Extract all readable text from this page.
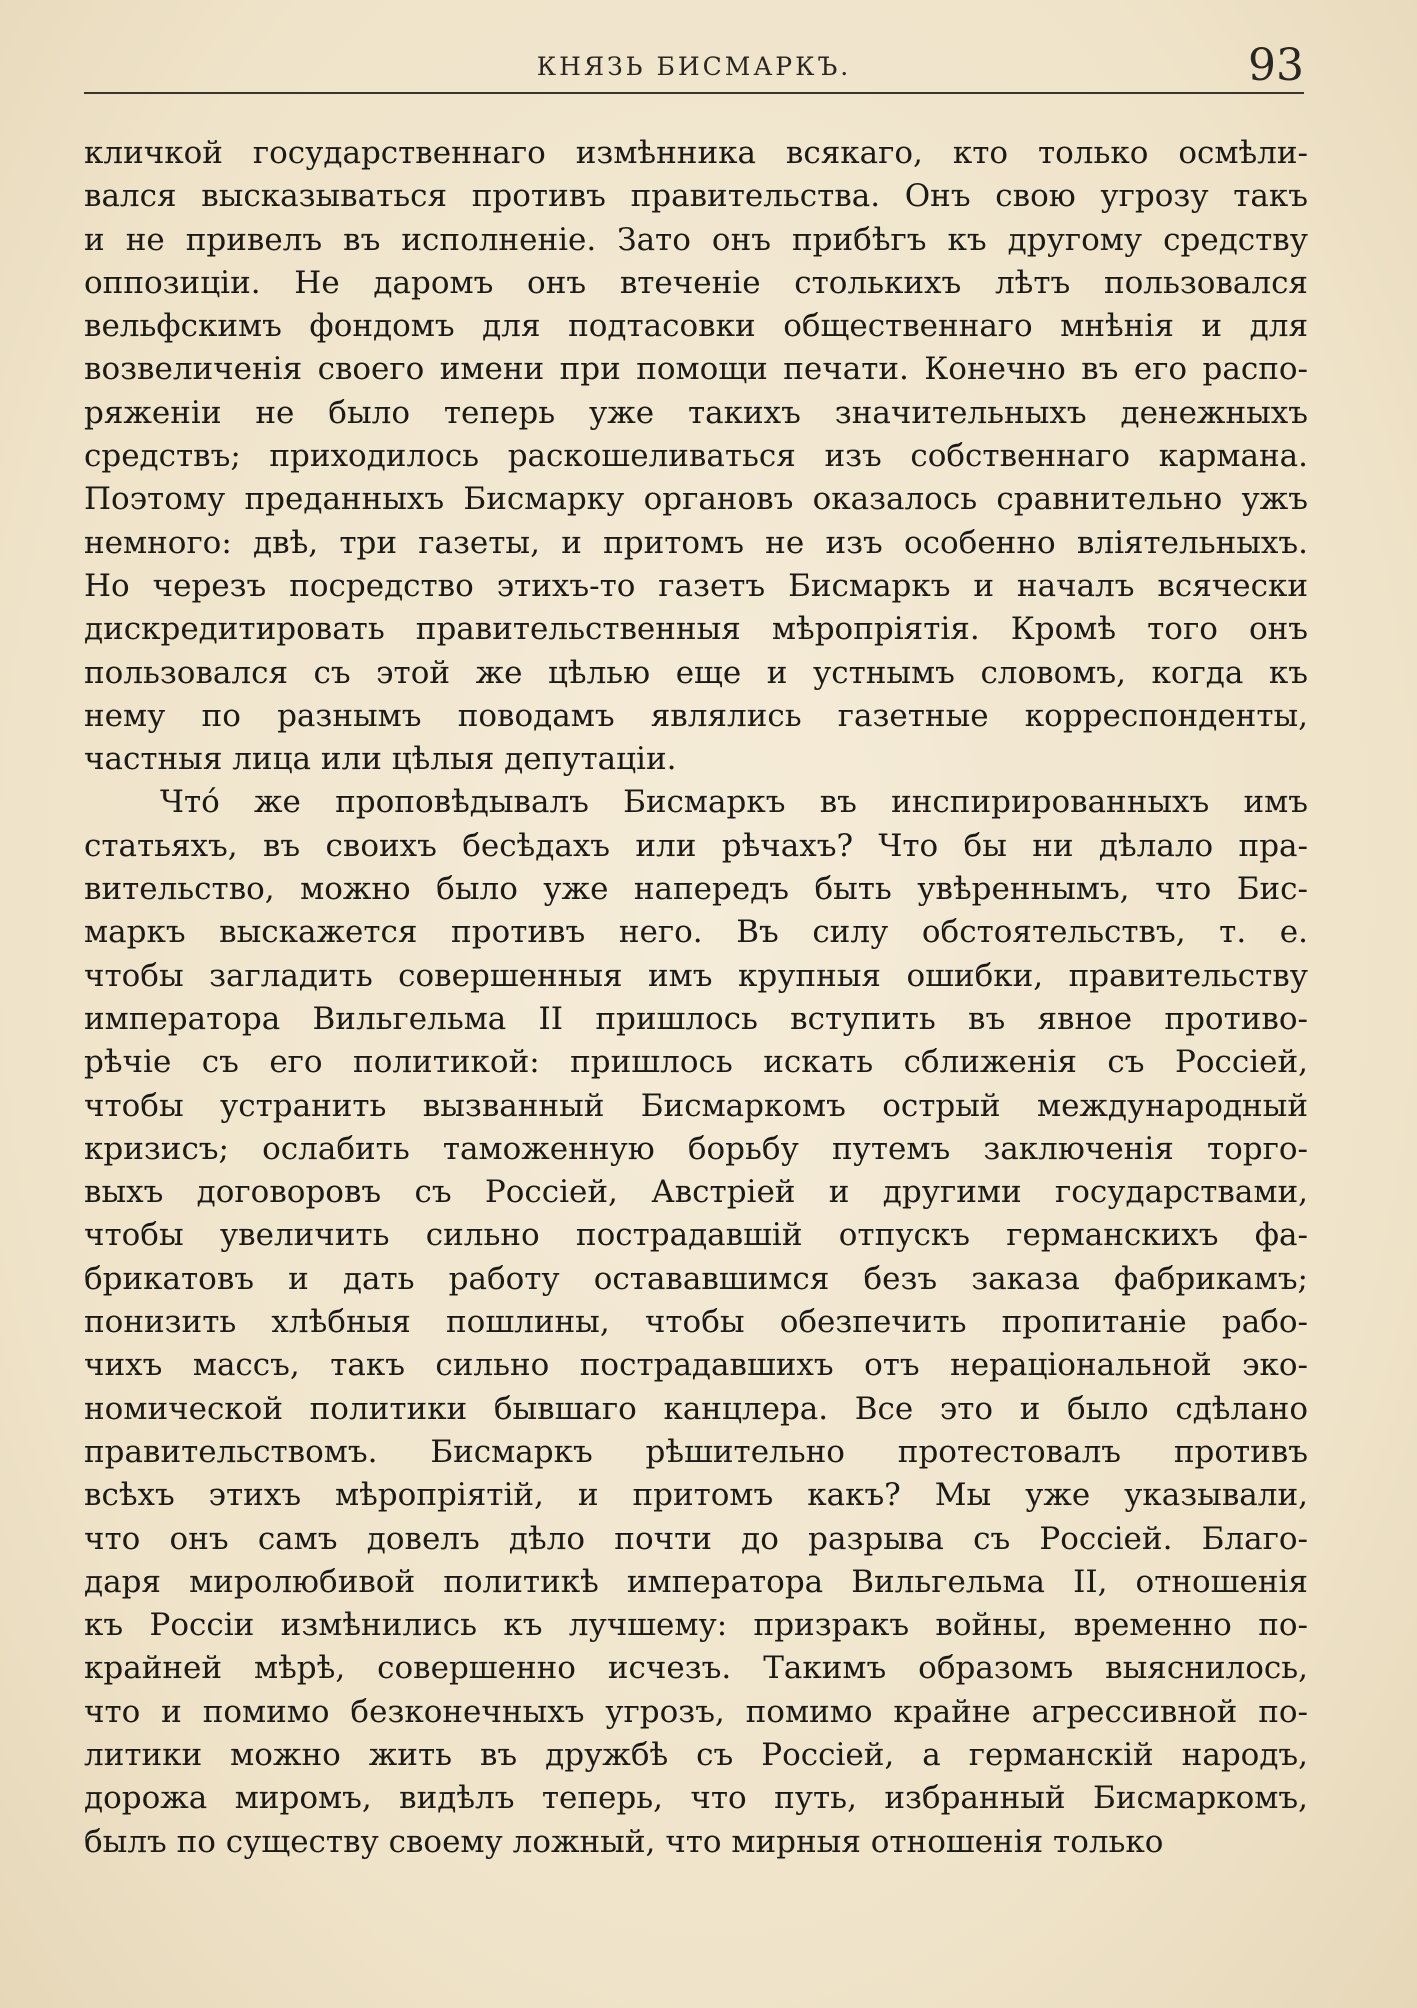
КНЯЗЬ БИСМАРКЪ.	93
кличкой государственнаго измѣнника всякаго, кто только осмѣли-
вался высказываться противъ правительства. Онъ свою угрозу такъ
и не привелъ въ исполненіе. Зато онъ прибѣгъ къ другому средству
оппозиціи. Не даромъ онъ втеченіе столькихъ лѣтъ пользовался
вельфскимъ фондомъ для подтасовки общественнаго мнѣнія и для
возвеличенія своего имени при помощи печати. Конечно въ его распо-
ряженіи не было теперь уже такихъ значительныхъ денежныхъ
средствъ; приходилось раскошеливаться изъ собственнаго кармана.
Поэтому преданныхъ Бисмарку органовъ оказалось сравнительно ужъ
немного: двѣ, три газеты, и притомъ не изъ особенно вліятельныхъ.
Но черезъ посредство этихъ-то газетъ Бисмаркъ и началъ всячески
дискредитировать правительственныя мѣропріятія. Кромѣ того онъ
пользовался съ этой же цѣлью еще и устнымъ словомъ, когда къ
нему по разнымъ поводамъ являлись газетные корреспонденты,
частныя лица или цѣлыя депутаціи.
Чтó же проповѣдывалъ Бисмаркъ въ инспирированныхъ имъ
статьяхъ, въ своихъ бесѣдахъ или рѣчахъ? Что бы ни дѣлало пра-
вительство, можно было уже напередъ быть увѣреннымъ, что Бис-
маркъ выскажется противъ него. Въ силу обстоятельствъ, т. е.
чтобы загладить совершенныя имъ крупныя ошибки, правительству
императора Вильгельма II пришлось вступить въ явное противо-
рѣчіе съ его политикой: пришлось искать сближенія съ Россіей,
чтобы устранить вызванный Бисмаркомъ острый международный
кризисъ; ослабить таможенную борьбу путемъ заключенія торго-
выхъ договоровъ съ Россіей, Австріей и другими государствами,
чтобы увеличить сильно пострадавшій отпускъ германскихъ фа-
брикатовъ и дать работу остававшимся безъ заказа фабрикамъ;
понизить хлѣбныя пошлины, чтобы обезпечить пропитаніе рабо-
чихъ массъ, такъ сильно пострадавшихъ отъ нераціональной эко-
номической политики бывшаго канцлера. Все это и было сдѣлано
правительствомъ. Бисмаркъ рѣшительно протестовалъ противъ
всѣхъ этихъ мѣропріятій, и притомъ какъ? Мы уже указывали,
что онъ самъ довелъ дѣло почти до разрыва съ Россіей. Благо-
даря миролюбивой политикѣ императора Вильгельма II, отношенія
къ Россіи измѣнились къ лучшему: призракъ войны, временно по-
крайней мѣрѣ, совершенно исчезъ. Такимъ образомъ выяснилось,
что и помимо безконечныхъ угрозъ, помимо крайне агрессивной по-
литики можно жить въ дружбѣ съ Россіей, а германскій народъ,
дорожа миромъ, видѣлъ теперь, что путь, избранный Бисмаркомъ,
былъ по существу своему ложный, что мирныя отношенія только
